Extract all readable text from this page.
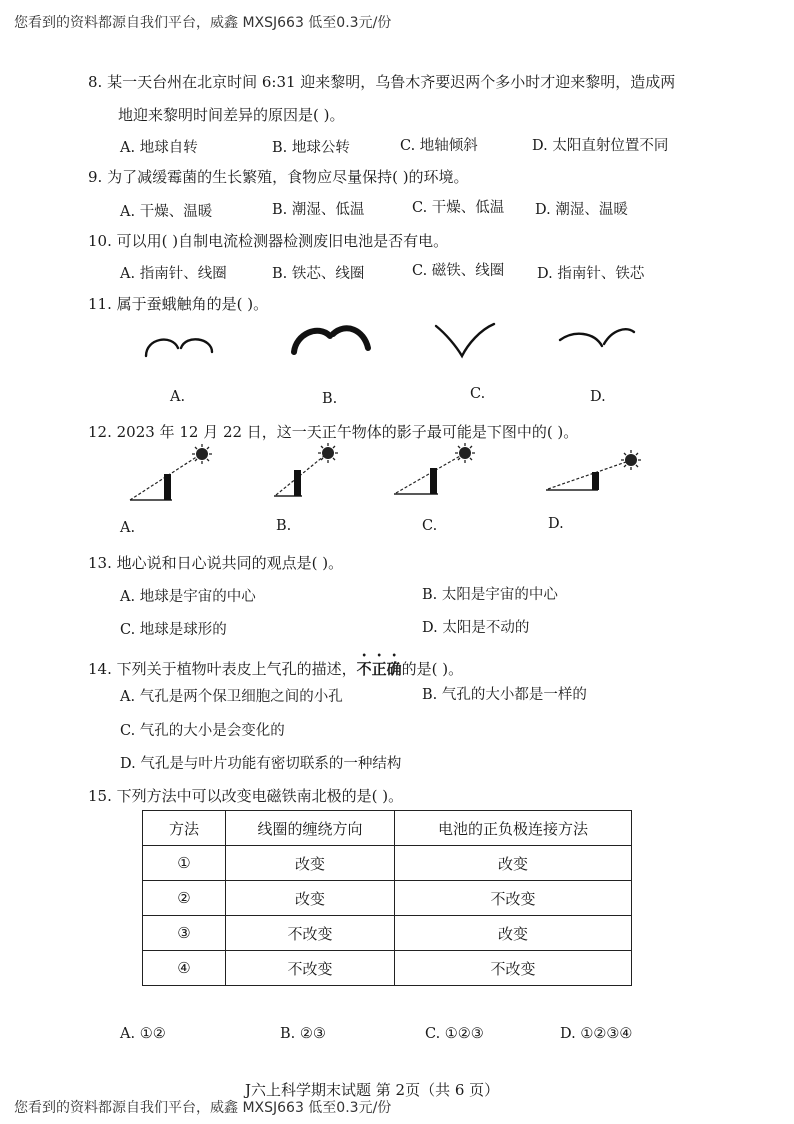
您看到的资料都源自我们平台，威鑫 MXSJ663 低至0.3元/份
8. 某一天台州在北京时间 6:31 迎来黎明，乌鲁木齐要迟两个多小时才迎来黎明，造成两
地迎来黎明时间差异的原因是( )。
A. 地球自转	B. 地球公转	C. 地轴倾斜	D. 太阳直射位置不同
9. 为了减缓霉菌的生长繁殖，食物应尽量保持( )的环境。
A. 干燥、温暖	B. 潮湿、低温	C. 干燥、低温 D. 潮湿、温暖
10. 可以用( )自制电流检测器检测废旧电池是否有电。
A. 指南针、线圈	B. 铁芯、线圈	C. 磁铁、线圈 D. 指南针、铁芯
11. 属于蚕蛾触角的是( )。
A.	B.	C.	D.
12. 2023 年 12 月 22 日，这一天正午物体的影子最可能是下图中的( )。
A.	B.	C.	D.
13. 地心说和日心说共同的观点是( )。
A. 地球是宇宙的中心	B. 太阳是宇宙的中心
C. 地球是球形的	D. 太阳是不动的
14. 下列关于植物叶表皮上气孔的描述，不正确的是( )。
A. 气孔是两个保卫细胞之间的小孔	B. 气孔的大小都是一样的
C. 气孔的大小是会变化的
D. 气孔是与叶片功能有密切联系的一种结构
15. 下列方法中可以改变电磁铁南北极的是( )。
方法	线圈的缠绕方向	电池的正负极连接方法
①	改变	改变
②	改变	不改变
③	不改变	改变
④	不改变	不改变
A. ①②	B. ②③	C. ①②③	D. ①②③④
J六上科学期末试题 第 2页（共 6 页）
您看到的资料都源自我们平台，威鑫 MXSJ663 低至0.3元/份
